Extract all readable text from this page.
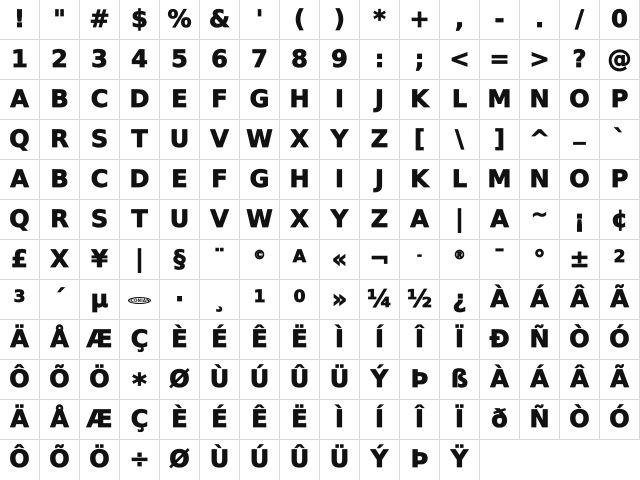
!	" # $ % &	'	(	)	* +	,	-	.	/	0
1 2 3 4 5 6 7 8 9	:	;	< = > ? @
A B C D E F G H	I	J	K L M N O P
Q R S T U V W X Y Z	[	\	]	^ _	`
A B C D E F G H	I	J	K L M N O P
Q R S T U V W X Y Z A	|	A	~	¡	¢
£ X ¥	|	§	¨	©	$^A$	« ¬	-	®	¯	° ±	$^2$
$^3$	´	µ	ICONIAN	·	¸	$^1$	$^0$	» ¼ ½ ¿ À Á Â Ã
Ä Å Æ Ç È É Ê Ë	Ì	Í	Î	Ï	Ð Ñ Ò Ó
Ô Õ Ö * Ø Ù Ú Û Ü Ý Þ ß À Á Â Ã
Ä Å Æ Ç È É Ê Ë	Ì	Í	Î	Ï	ð Ñ Ò Ó
Ô Õ Ö ÷ Ø Ù Ú Û Ü Ý Þ Ÿ
